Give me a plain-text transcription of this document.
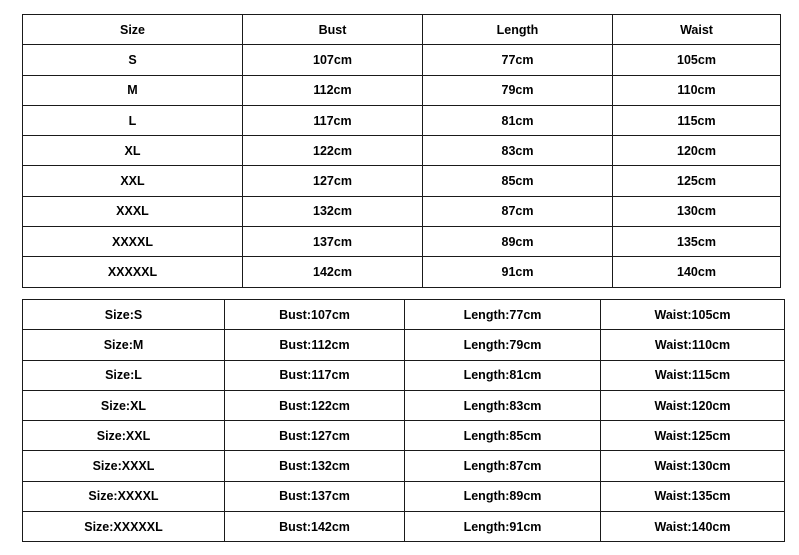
Size	Bust	Length	Waist
S	107cm	77cm	105cm
M	112cm	79cm	110cm
L	117cm	81cm	115cm
XL	122cm	83cm	120cm
XXL	127cm	85cm	125cm
XXXL	132cm	87cm	130cm
XXXXL	137cm	89cm	135cm
XXXXXL	142cm	91cm	140cm
Size:S	Bust:107cm	Length:77cm	Waist:105cm
Size:M	Bust:112cm	Length:79cm	Waist:110cm
Size:L	Bust:117cm	Length:81cm	Waist:115cm
Size:XL	Bust:122cm	Length:83cm	Waist:120cm
Size:XXL	Bust:127cm	Length:85cm	Waist:125cm
Size:XXXL	Bust:132cm	Length:87cm	Waist:130cm
Size:XXXXL	Bust:137cm	Length:89cm	Waist:135cm
Size:XXXXXL	Bust:142cm	Length:91cm	Waist:140cm
